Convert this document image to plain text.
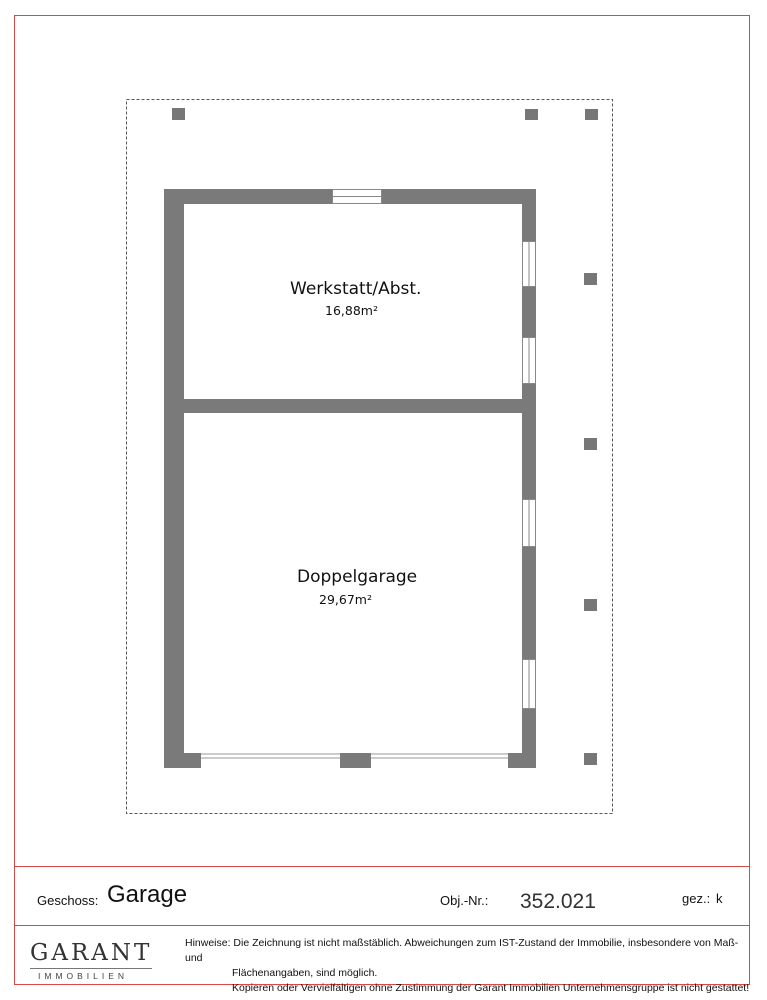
Werkstatt/Abst.
16,88m²
Doppelgarage
29,67m²
Geschoss: Garage	Obj.-Nr.: 352.021	gez.: k
GARANT
IMMOBILIEN
Hinweise: Die Zeichnung ist nicht maßstäblich. Abweichungen zum IST-Zustand der Immobilie, insbesondere von Maß- und
Flächenangaben, sind möglich.
Kopieren oder Vervielfältigen ohne Zustimmung der Garant Immobilien Unternehmensgruppe ist nicht gestattet!
